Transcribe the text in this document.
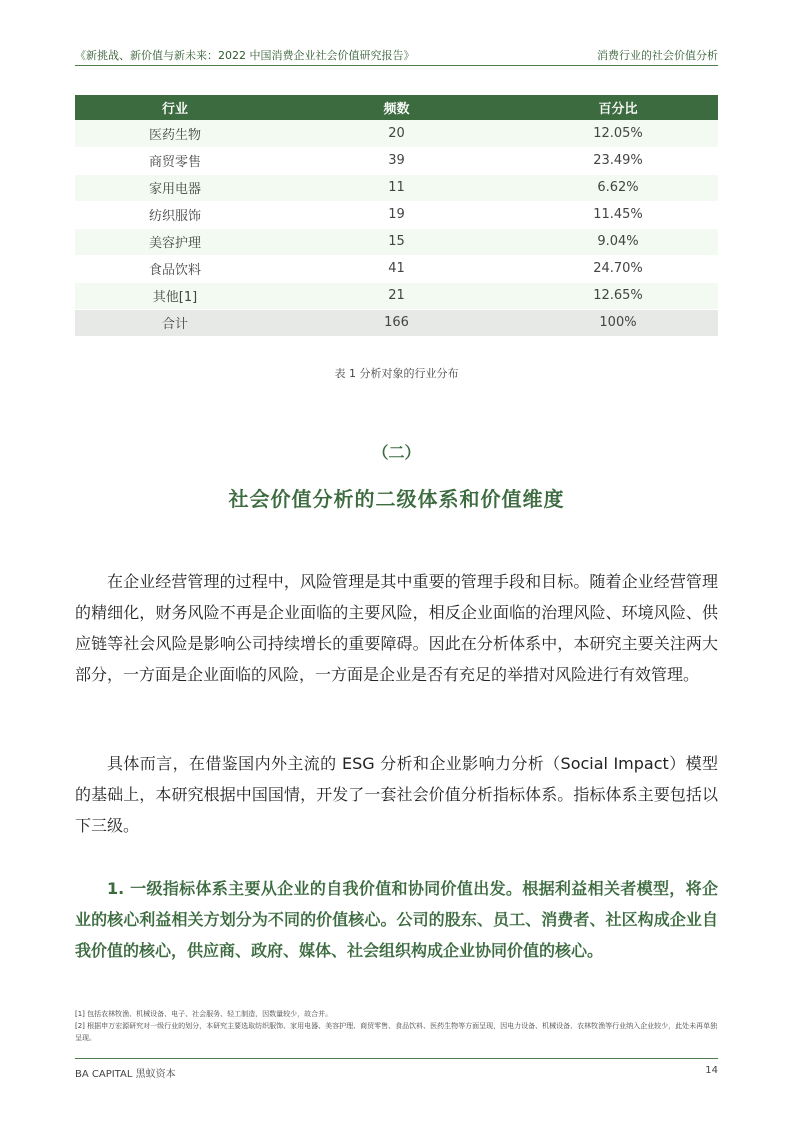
《新挑战、新价值与新未来：2022 中国消费企业社会价值研究报告》	消费行业的社会价值分析
行业	频数	百分比
医药生物	20	12.05%
商贸零售	39	23.49%
家用电器	11	6.62%
纺织服饰	19	11.45%
美容护理	15	9.04%
食品饮料	41	24.70%
其他[1]	21	12.65%
合计	166	100%
表 1 分析对象的行业分布
（二）
社会价值分析的二级体系和价值维度

在企业经营管理的过程中，风险管理是其中重要的管理手段和目标。随着企业经营管理的精细化，财务风险不再是企业面临的主要风险，相反企业面临的治理风险、环境风险、供应链等社会风险是影响公司持续增长的重要障碍。因此在分析体系中，本研究主要关注两大部分，一方面是企业面临的风险，一方面是企业是否有充足的举措对风险进行有效管理。

具体而言，在借鉴国内外主流的 ESG 分析和企业影响力分析（Social Impact）模型的基础上，本研究根据中国国情，开发了一套社会价值分析指标体系。指标体系主要包括以下三级。

1. 一级指标体系主要从企业的自我价值和协同价值出发。根据利益相关者模型，将企业的核心利益相关方划分为不同的价值核心。公司的股东、员工、消费者、社区构成企业自我价值的核心，供应商、政府、媒体、社会组织构成企业协同价值的核心。

[1] 包括农林牧渔、机械设备、电子、社会服务、轻工制造，因数量较少，故合并。
[2] 根据申万宏源研究对一级行业的划分，本研究主要选取纺织服饰、家用电器、美容护理、商贸零售、食品饮料、医药生物等方面呈现，因电力设备、机械设备、农林牧渔等行业纳入企业较少，此处未再单独呈现。
BA CAPITAL 黑蚁资本	14
